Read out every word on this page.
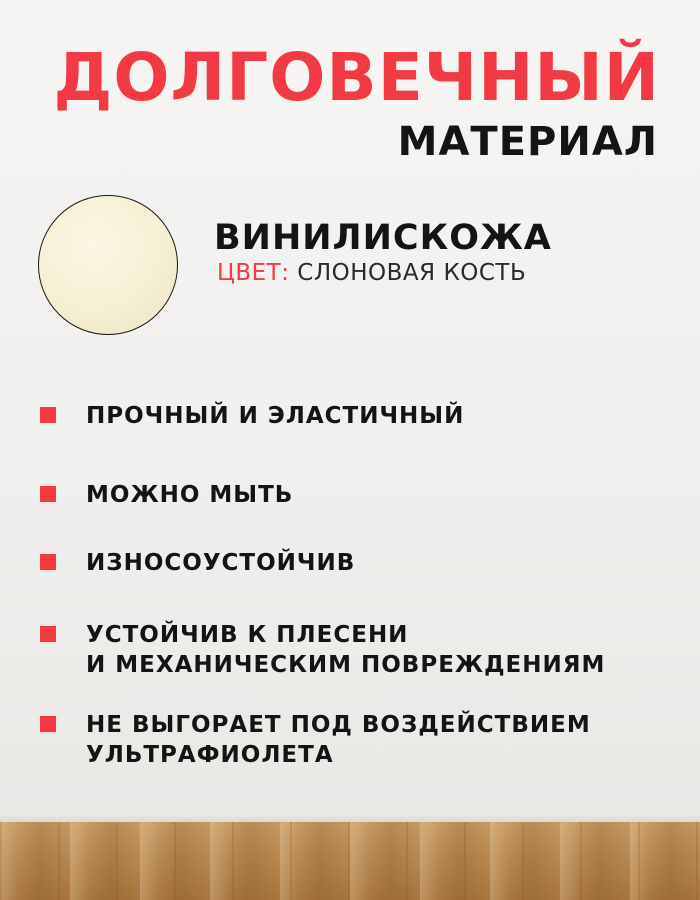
ДОЛГОВЕЧНЫЙ
МАТЕРИАЛ
ВИНИЛИСКОЖА
ЦВЕТ: СЛОНОВАЯ КОСТЬ
ПРОЧНЫЙ И ЭЛАСТИЧНЫЙ
МОЖНО МЫТЬ
ИЗНОСОУСТОЙЧИВ
УСТОЙЧИВ К ПЛЕСЕНИ
И МЕХАНИЧЕСКИМ ПОВРЕЖДЕНИЯМ
НЕ ВЫГОРАЕТ ПОД ВОЗДЕЙСТВИЕМ
УЛЬТРАФИОЛЕТА
